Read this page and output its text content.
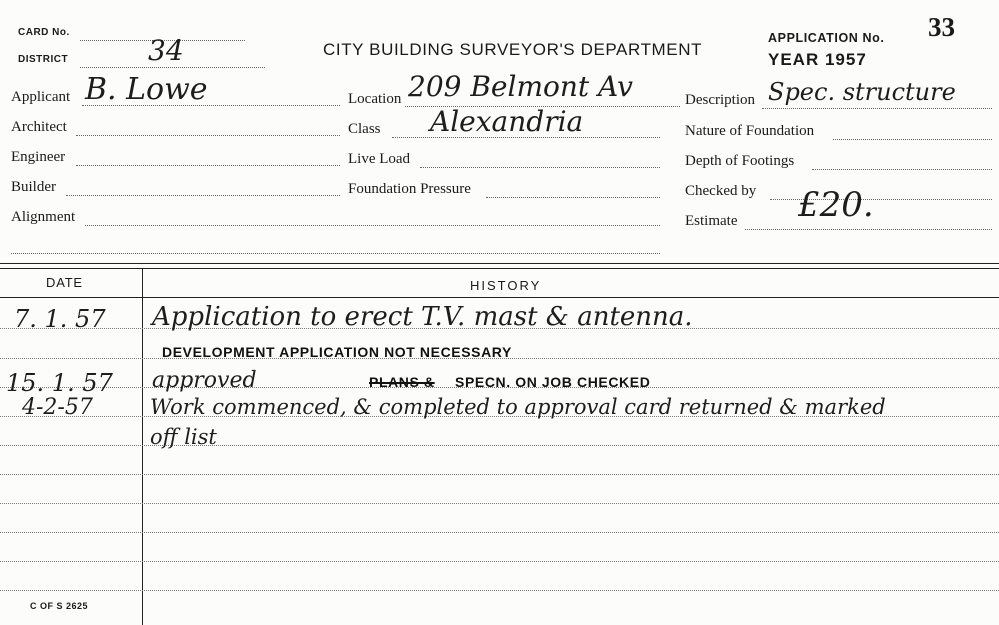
CARD No.
DISTRICT	34	CITY BUILDING SURVEYOR'S DEPARTMENT
APPLICATION No. 33
YEAR 1957
Applicant B. Lowe
Architect
Engineer
Builder
Alignment
Location 209 Belmont Av
Class Alexandria
Live Load
Foundation Pressure
Description Spec. structure
Nature of Foundation
Depth of Footings
Checked by
Estimate £20.
DATE	HISTORY
7. 1. 57 Application to erect T.V. mast & antenna.
DEVELOPMENT APPLICATION NOT NECESSARY
15. 1. 57 approved	PLANS & SPECN. ON JOB CHECKED
4-2-57	Work commenced, & completed to approval card returned & marked
off list
C OF S 2625
